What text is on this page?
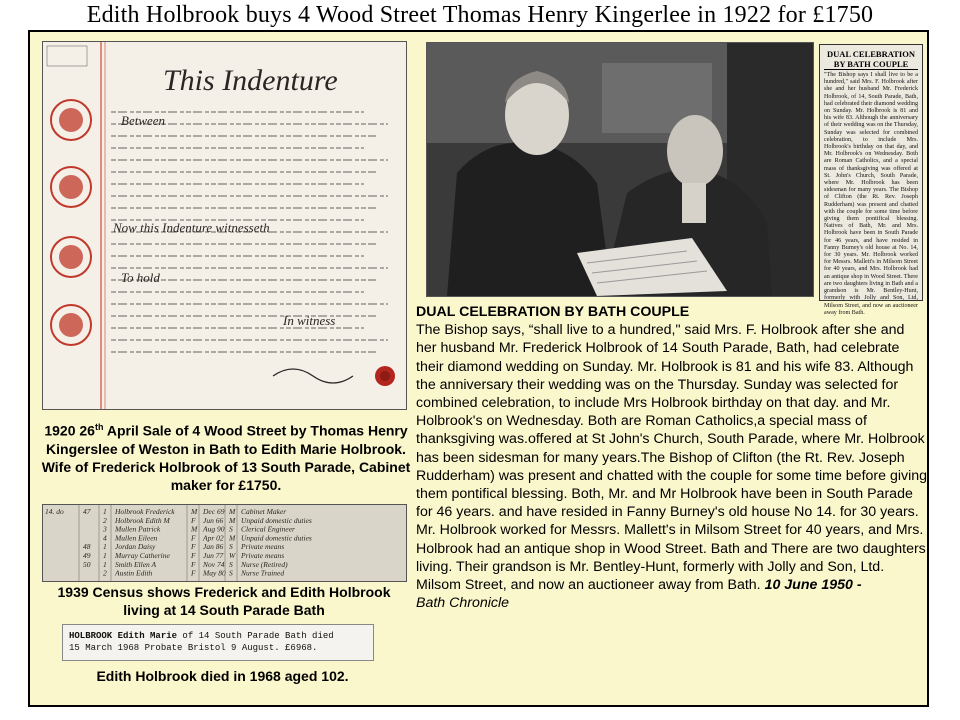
Edith Holbrook buys 4 Wood Street Thomas Henry Kingerlee in 1922 for £1750
This Indenture
Between
Now this Indenture witnesseth
To hold
In witness
DUAL CELEBRATION BY BATH COUPLE
"The Bishop says I shall live to be a hundred," said Mrs. F. Holbrook after she and her husband Mr. Frederick Holbrook, of 14, South Parade, Bath, had celebrated their diamond wedding on Sunday. Mr. Holbrook is 81 and his wife 83. Although the anniversary of their wedding was on the Thursday, Sunday was selected for combined celebration, to include Mrs. Holbrook's birthday on that day, and Mr. Holbrook's on Wednesday. Both are Roman Catholics, and a special mass of thanksgiving was offered at St. John's Church, South Parade, where Mr. Holbrook has been sidesman for many years. The Bishop of Clifton (the Rt. Rev. Joseph Rudderham) was present and chatted with the couple for some time before giving them pontifical blessing. Natives of Bath, Mr. and Mrs. Holbrook have been in South Parade for 46 years, and have resided in Fanny Burney's old house at No. 14, for 30 years. Mr. Holbrook worked for Messrs. Mallett's in Milsom Street for 40 years, and Mrs. Holbrook had an antique shop in Wood Street. There are two daughters living in Bath and a grandson is Mr. Bentley-Hunt, formerly with Jolly and Son, Ltd, Milsom Street, and now an auctioneer away from Bath.
1920 26th April Sale of 4 Wood Street by Thomas Henry Kingerslee of Weston in Bath to Edith Marie Holbrook. Wife of Frederick Holbrook of 13 South Parade, Cabinet maker for £1750.
14. do	47 1 Holbrook Frederick M Dec 69 M Cabinet Maker
2 Holbrook Edith M	F Jun 66 M Unpaid domestic duties
3 Mullen Patrick	M Aug 90 S Clerical Engineer
4 Mullen Eileen	F Apr 02 M Unpaid domestic duties
48 1 Jordan Daisy	F Jan 86 S Private means
49 1 Murray Catherine	F Jun 77 W Private means
50 1 Smith Ellen A	F Nov 74 S Nurse (Retired)
2 Austin Edith	F May 80 S Nurse Trained
1939 Census shows Frederick and Edith Holbrook living at 14 South Parade Bath
HOLBROOK Edith Marie of 14 South Parade Bath died
15 March 1968 Probate Bristol 9 August. £6968.
Edith Holbrook died in 1968 aged 102.
DUAL CELEBRATION BY BATH COUPLE
The Bishop says, “shall live to a hundred," said Mrs. F. Holbrook after she and her husband Mr. Frederick Holbrook of 14 South Parade, Bath, had celebrate their diamond wedding on Sunday. Mr. Holbrook is 81 and his wife 83. Although the anniversary their wedding was on the Thursday. Sunday was selected for combined celebration, to include Mrs Holbrook birthday on that day. and Mr. Holbrook's on Wednesday. Both are Roman Catholics,a special mass of thanksgiving was.offered at St John's Church, South Parade, where Mr. Holbrook has been sidesman for many years.The Bishop of Clifton (the Rt. Rev. Joseph Rudderham) was present and chatted with the couple for some time before giving them pontifical blessing. Both, Mr. and Mr Holbrook have been in South Parade for 46 years. and have resided in Fanny Burney's old house No 14. for 30 years. Mr. Holbrook worked for Messrs. Mallett's in Milsom Street for 40 years, and Mrs. Holbrook had an antique shop in Wood Street. Bath and There are two daughters living. Their grandson is Mr. Bentley-Hunt, formerly with Jolly and Son, Ltd. Milsom Street, and now an auctioneer away from Bath. 10 June 1950 -
Bath Chronicle
